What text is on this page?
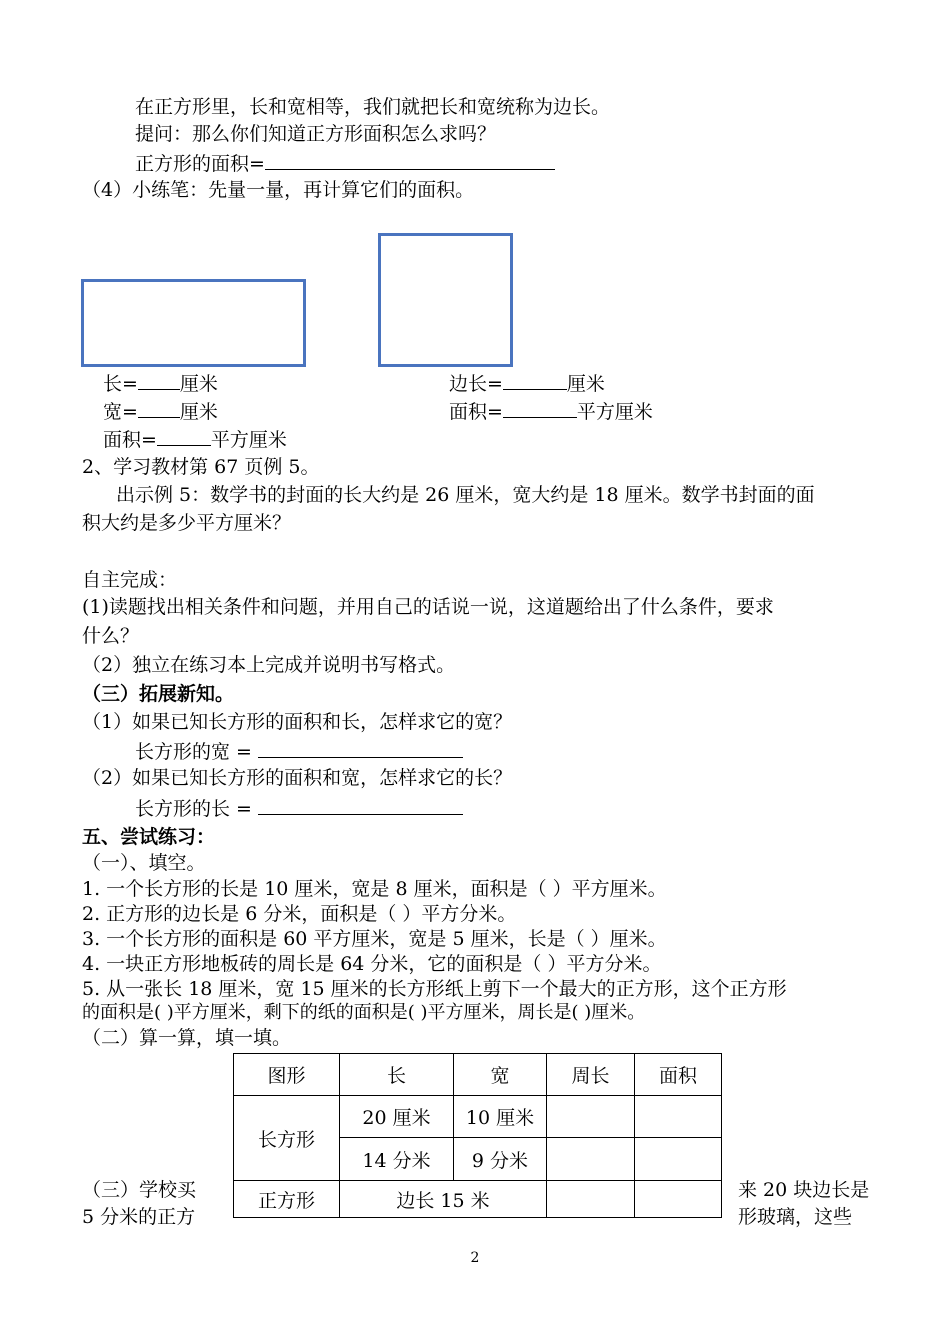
在正方形里，长和宽相等，我们就把长和宽统称为边长。
提问：那么你们知道正方形面积怎么求吗？
正方形的面积=
（4）小练笔：先量一量，再计算它们的面积。
长= 厘米
宽= 厘米
面积=	平方厘米
边长=	厘米
面积=	平方厘米
2、学习教材第 67 页例 5。
出示例 5：数学书的封面的长大约是 26 厘米，宽大约是 18 厘米。数学书封面的面
积大约是多少平方厘米？
自主完成：
(1)读题找出相关条件和问题，并用自己的话说一说，这道题给出了什么条件，要求
什么？
（2）独立在练习本上完成并说明书写格式。
（三）拓展新知。
（1）如果已知长方形的面积和长，怎样求它的宽？
长方形的宽 =
（2）如果已知长方形的面积和宽，怎样求它的长？
长方形的长 =
五、尝试练习：
（一）、填空。
1. 一个长方形的长是 10 厘米，宽是 8 厘米，面积是（ ）平方厘米。
2. 正方形的边长是 6 分米，面积是（ ）平方分米。
3. 一个长方形的面积是 60 平方厘米，宽是 5 厘米，长是（ ）厘米。
4. 一块正方形地板砖的周长是 64 分米，它的面积是（ ）平方分米。
5. 从一张长 18 厘米，宽 15 厘米的长方形纸上剪下一个最大的正方形，这个正方形
的面积是( )平方厘米，剩下的纸的面积是( )平方厘米，周长是( )厘米。
（二）算一算，填一填。
图形	长	宽	周长	面积
长方形	20 厘米	10 厘米		
	14 分米	9 分米		
正方形	边长 15 米			
（三）学校买
5 分米的正方
来 20 块边长是
形玻璃，这些
2
